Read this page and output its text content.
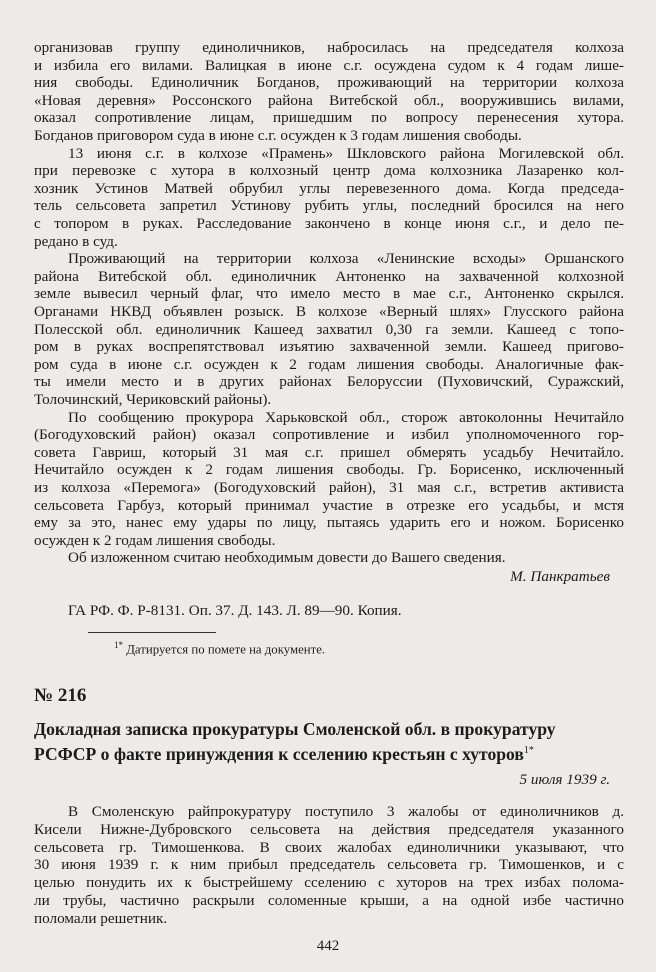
организовав группу единоличников, набросилась на председателя колхоза
и избила его вилами. Валицкая в июне с.г. осуждена судом к 4 годам лише-
ния свободы. Единоличник Богданов, проживающий на территории колхоза
«Новая деревня» Россонского района Витебской обл., вооружившись вилами,
оказал сопротивление лицам, пришедшим по вопросу перенесения хутора.
Богданов приговором суда в июне с.г. осужден к 3 годам лишения свободы.
13 июня с.г. в колхозе «Прамень» Шкловского района Могилевской обл.
при перевозке с хутора в колхозный центр дома колхозника Лазаренко кол-
хозник Устинов Матвей обрубил углы перевезенного дома. Когда председа-
тель сельсовета запретил Устинову рубить углы, последний бросился на него
с топором в руках. Расследование закончено в конце июня с.г., и дело пе-
редано в суд.
Проживающий на территории колхоза «Ленинские всходы» Оршанского
района Витебской обл. единоличник Антоненко на захваченной колхозной
земле вывесил черный флаг, что имело место в мае с.г., Антоненко скрылся.
Органами НКВД объявлен розыск. В колхозе «Верный шлях» Глусского района
Полесской обл. единоличник Кашеед захватил 0,30 га земли. Кашеед с топо-
ром в руках воспрепятствовал изъятию захваченной земли. Кашеед пригово-
ром суда в июне с.г. осужден к 2 годам лишения свободы. Аналогичные фак-
ты имели место и в других районах Белоруссии (Пуховичский, Суражский,
Толочинский, Чериковский районы).
По сообщению прокурора Харьковской обл., сторож автоколонны Нечитайло
(Богодуховский район) оказал сопротивление и избил уполномоченного гор-
совета Гавриш, который 31 мая с.г. пришел обмерять усадьбу Нечитайло.
Нечитайло осужден к 2 годам лишения свободы. Гр. Борисенко, исключенный
из колхоза «Перемога» (Богодуховский район), 31 мая с.г., встретив активиста
сельсовета Гарбуз, который принимал участие в отрезке его усадьбы, и мстя
ему за это, нанес ему удары по лицу, пытаясь ударить его и ножом. Борисенко
осужден к 2 годам лишения свободы.
Об изложенном считаю необходимым довести до Вашего сведения.
М. Панкратьев
ГА РФ. Ф. Р-8131. Оп. 37. Д. 143. Л. 89—90. Копия.
$^{1*}$ Датируется по помете на документе.
№ 216
Докладная записка прокуратуры Смоленской обл. в прокуратуру
РСФСР о факте принуждения к сселению крестьян с хуторов$^{1*}$
5 июля 1939 г.
В Смоленскую райпрокуратуру поступило 3 жалобы от единоличников д.
Кисели Нижне-Дубровского сельсовета на действия председателя указанного
сельсовета гр. Тимошенкова. В своих жалобах единоличники указывают, что
30 июня 1939 г. к ним прибыл председатель сельсовета гр. Тимошенков, и с
целью понудить их к быстрейшему сселению с хуторов на трех избах полома-
ли трубы, частично раскрыли соломенные крыши, а на одной избе частично
поломали решетник.
442
